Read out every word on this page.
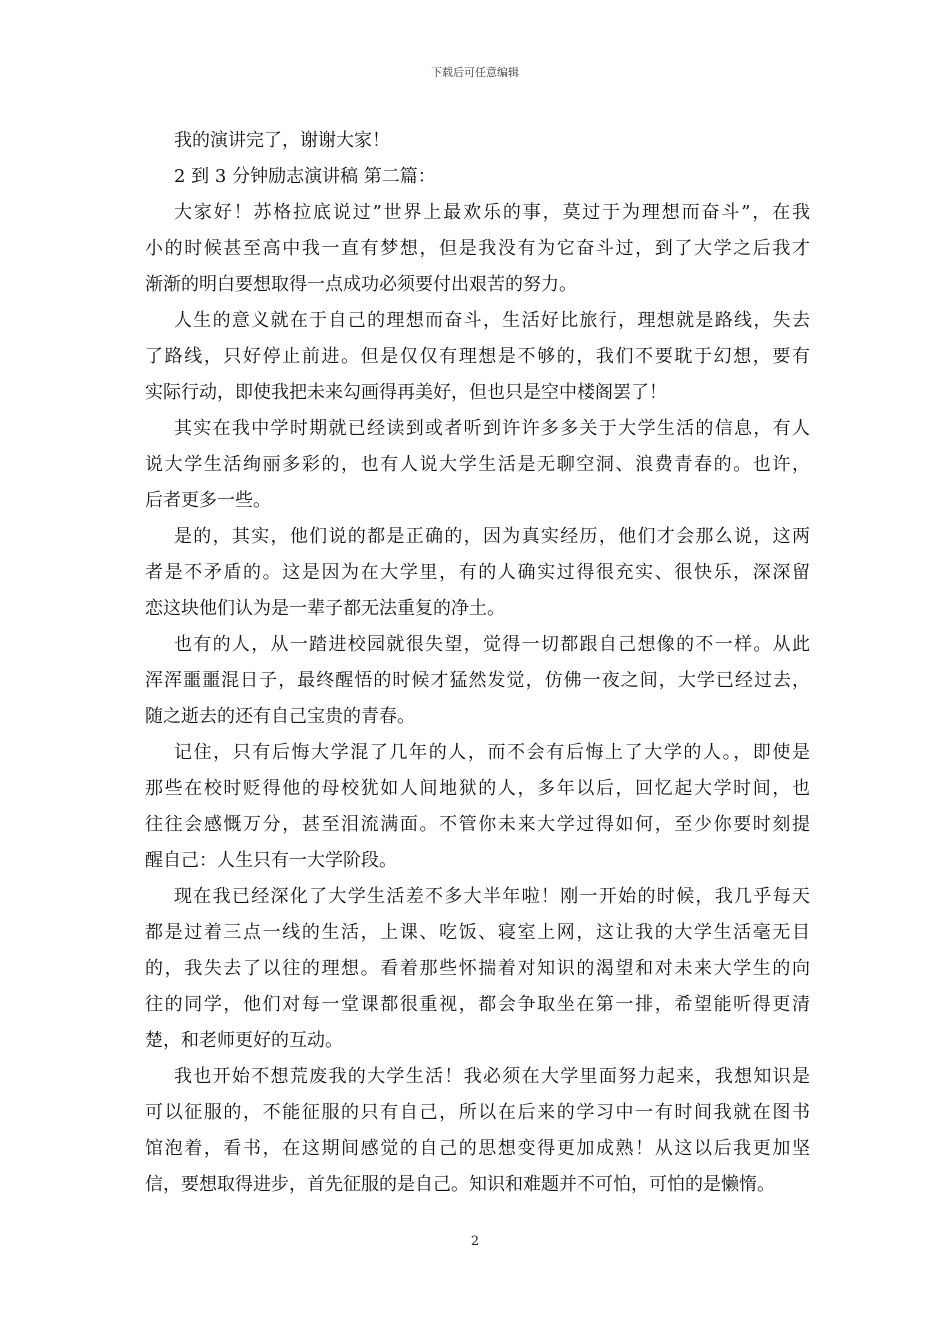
下载后可任意编辑
我的演讲完了，谢谢大家！
2 到 3 分钟励志演讲稿 第二篇：
大家好！苏格拉底说过”世界上最欢乐的事，莫过于为理想而奋斗”，在我
小的时候甚至高中我一直有梦想，但是我没有为它奋斗过，到了大学之后我才
渐渐的明白要想取得一点成功必须要付出艰苦的努力。
人生的意义就在于自己的理想而奋斗，生活好比旅行，理想就是路线，失去
了路线，只好停止前进。但是仅仅有理想是不够的，我们不要耽于幻想，要有
实际行动，即使我把未来勾画得再美好，但也只是空中楼阁罢了！
其实在我中学时期就已经读到或者听到许许多多关于大学生活的信息，有人
说大学生活绚丽多彩的，也有人说大学生活是无聊空洞、浪费青春的。也许，
后者更多一些。
是的，其实，他们说的都是正确的，因为真实经历，他们才会那么说，这两
者是不矛盾的。这是因为在大学里，有的人确实过得很充实、很快乐，深深留
恋这块他们认为是一辈子都无法重复的净土。
也有的人，从一踏进校园就很失望，觉得一切都跟自己想像的不一样。从此
浑浑噩噩混日子，最终醒悟的时候才猛然发觉，仿佛一夜之间，大学已经过去，
随之逝去的还有自己宝贵的青春。
记住，只有后悔大学混了几年的人，而不会有后悔上了大学的人。，即使是
那些在校时贬得他的母校犹如人间地狱的人，多年以后，回忆起大学时间，也
往往会感慨万分，甚至泪流满面。不管你未来大学过得如何，至少你要时刻提
醒自己：人生只有一大学阶段。
现在我已经深化了大学生活差不多大半年啦！刚一开始的时候，我几乎每天
都是过着三点一线的生活，上课、吃饭、寝室上网，这让我的大学生活毫无目
的，我失去了以往的理想。看着那些怀揣着对知识的渴望和对未来大学生的向
往的同学，他们对每一堂课都很重视，都会争取坐在第一排，希望能听得更清
楚，和老师更好的互动。
我也开始不想荒废我的大学生活！我必须在大学里面努力起来，我想知识是
可以征服的，不能征服的只有自己，所以在后来的学习中一有时间我就在图书
馆泡着，看书，在这期间感觉的自己的思想变得更加成熟！从这以后我更加坚
信，要想取得进步，首先征服的是自己。知识和难题并不可怕，可怕的是懒惰。
2
